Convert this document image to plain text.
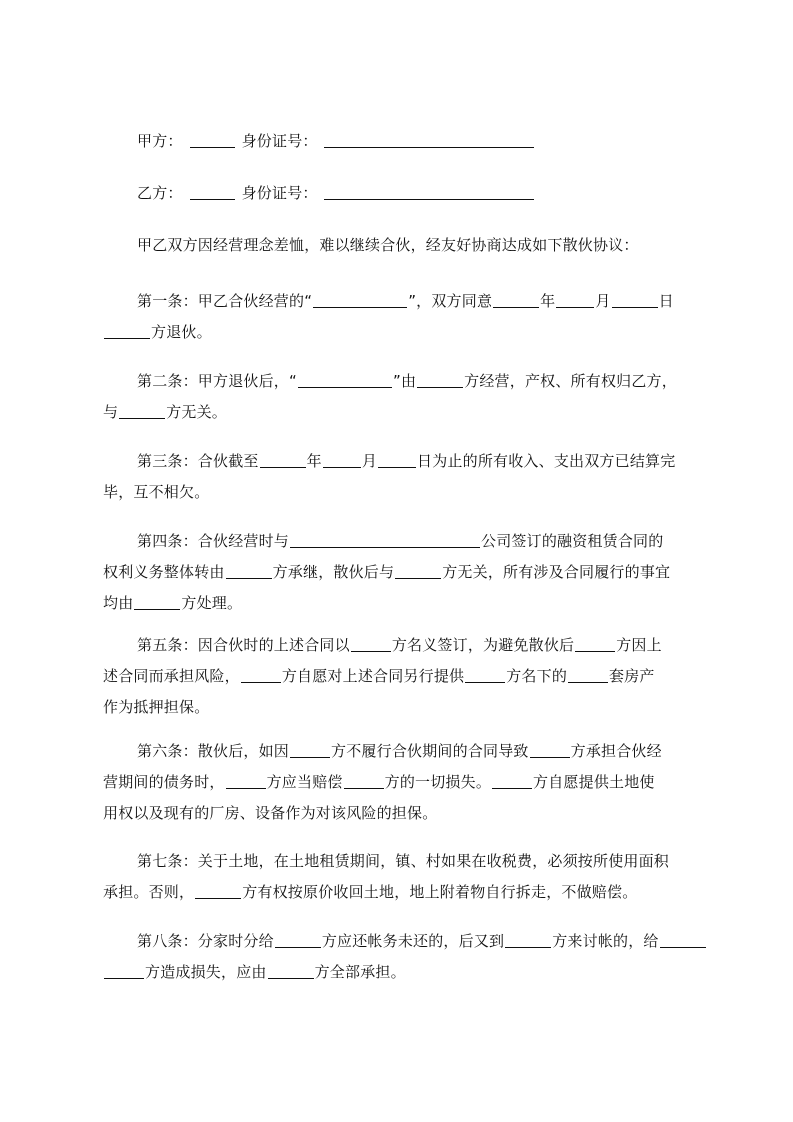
甲方：	身份证号：

乙方：	身份证号：

甲乙双方因经营理念差恤，难以继续合伙，经友好协商达成如下散伙协议：

第一条：甲乙合伙经营的“	”，双方同意	年	月	日
方退伙。

第二条：甲方退伙后，“	”由	方经营，产权、所有权归乙方，
与	方无关。

第三条：合伙截至	年	月	日为止的所有收入、支出双方已结算完
毕，互不相欠。

第四条：合伙经营时与	公司签订的融资租赁合同的
权利义务整体转由	方承继，散伙后与	方无关，所有涉及合同履行的事宜
均由	方处理。

第五条：因合伙时的上述合同以	方名义签订，为避免散伙后	方因上
述合同而承担风险，	方自愿对上述合同另行提供	方名下的	套房产
作为抵押担保。

第六条：散伙后，如因	方不履行合伙期间的合同导致	方承担合伙经
营期间的债务时，	方应当赔偿	方的一切损失。	方自愿提供土地使
用权以及现有的厂房、设备作为对该风险的担保。

第七条：关于土地，在土地租赁期间，镇、村如果在收税费，必须按所使用面积
承担。否则，	方有权按原价收回土地，地上附着物自行拆走，不做赔偿。

第八条：分家时分给	方应还帐务未还的，后又到	方来讨帐的，给
方造成损失，应由	方全部承担。
